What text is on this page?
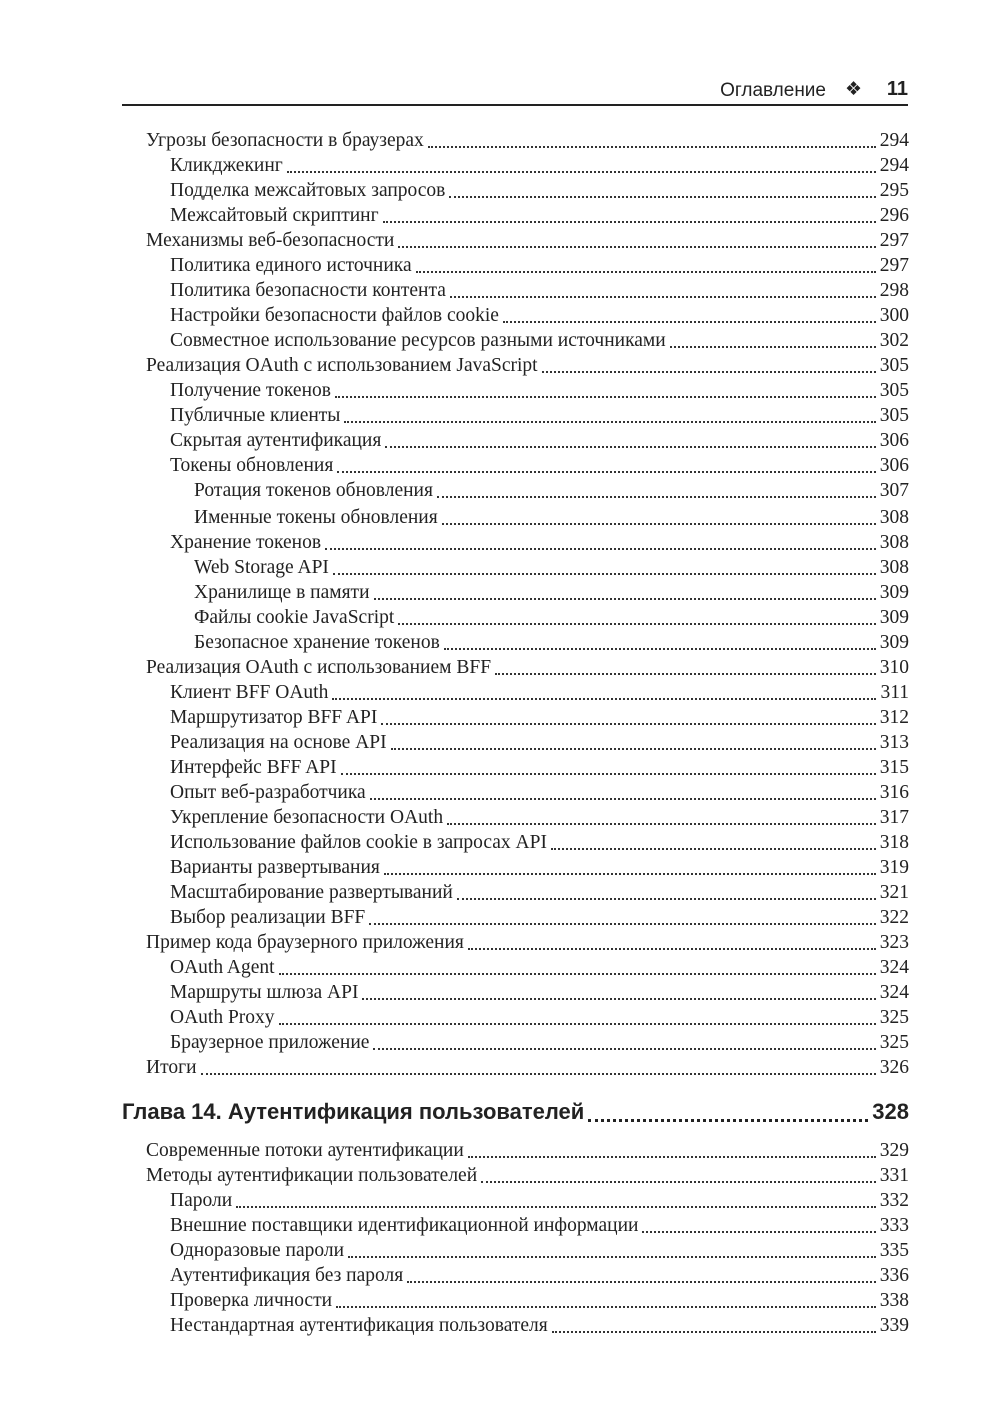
Оглавление ❖ 11
Угрозы безопасности в браузерах	294
Кликджекинг	294
Подделка межсайтовых запросов	295
Межсайтовый скриптинг	296
Механизмы веб-безопасности	297
Политика единого источника	297
Политика безопасности контента	298
Настройки безопасности файлов cookie	300
Совместное использование ресурсов разными источниками	302
Реализация OAuth с использованием JavaScript	305
Получение токенов	305
Публичные клиенты	305
Скрытая аутентификация	306
Токены обновления	306
Ротация токенов обновления	307
Именные токены обновления	308
Хранение токенов	308
Web Storage API	308
Хранилище в памяти	309
Файлы cookie JavaScript	309
Безопасное хранение токенов	309
Реализация OAuth с использованием BFF	310
Клиент BFF OAuth	311
Маршрутизатор BFF API	312
Реализация на основе API	313
Интерфейс BFF API	315
Опыт веб-разработчика	316
Укрепление безопасности OAuth	317
Использование файлов cookie в запросах API	318
Варианты развертывания	319
Масштабирование развертываний	321
Выбор реализации BFF	322
Пример кода браузерного приложения	323
OAuth Agent	324
Маршруты шлюза API	324
OAuth Proxy	325
Браузерное приложение	325
Итоги	326
Глава 14. Аутентификация пользователей	328
Современные потоки аутентификации	329
Методы аутентификации пользователей	331
Пароли	332
Внешние поставщики идентификационной информации	333
Одноразовые пароли	335
Аутентификация без пароля	336
Проверка личности	338
Нестандартная аутентификация пользователя	339
